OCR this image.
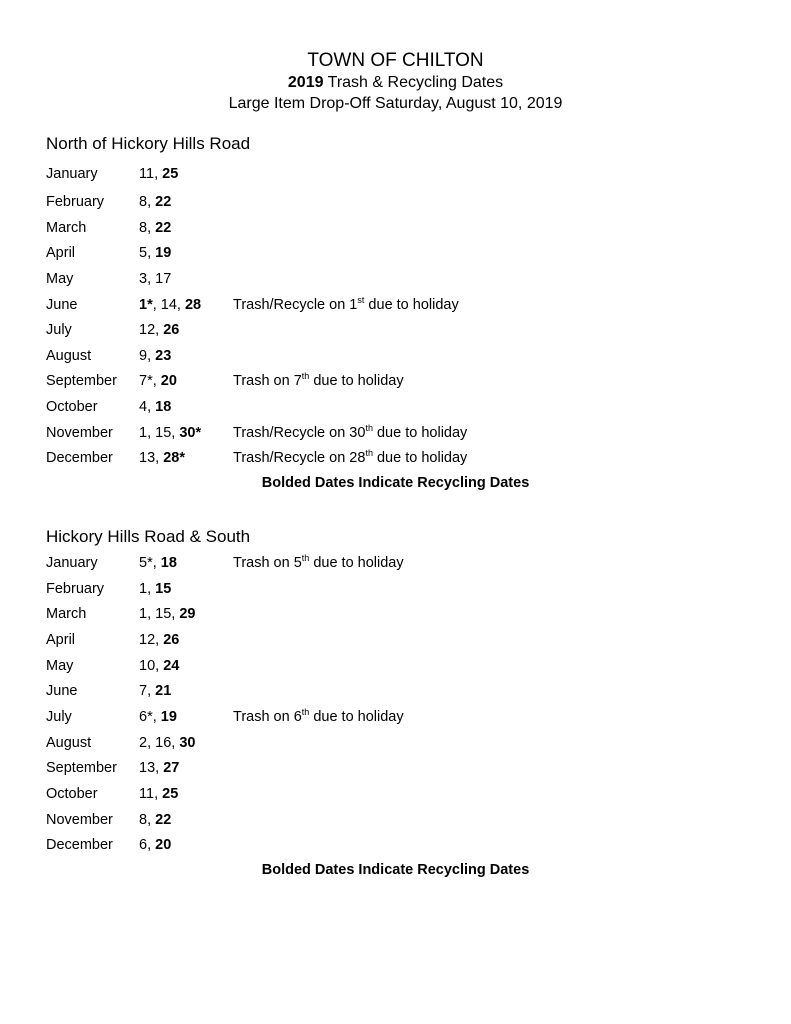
TOWN OF CHILTON
2019 Trash & Recycling Dates
Large Item Drop-Off Saturday, August 10, 2019
North of Hickory Hills Road
January	11, 25
February 8, 22
March	8, 22
April	5, 19
May	3, 17
June	1*, 14, 28 Trash/Recycle on 1st due to holiday
July	12, 26
August	9, 23
September 7*, 20	Trash on 7th due to holiday
October	4, 18
November 1, 15, 30* Trash/Recycle on 30th due to holiday
December 13, 28*	Trash/Recycle on 28th due to holiday
Bolded Dates Indicate Recycling Dates
Hickory Hills Road & South
January	5*, 18	Trash on 5th due to holiday
February 1, 15
March	1, 15, 29
April	12, 26
May	10, 24
June	7, 21
July	6*, 19	Trash on 6th due to holiday
August	2, 16, 30
September 13, 27
October	11, 25
November 8, 22
December 6, 20
Bolded Dates Indicate Recycling Dates
